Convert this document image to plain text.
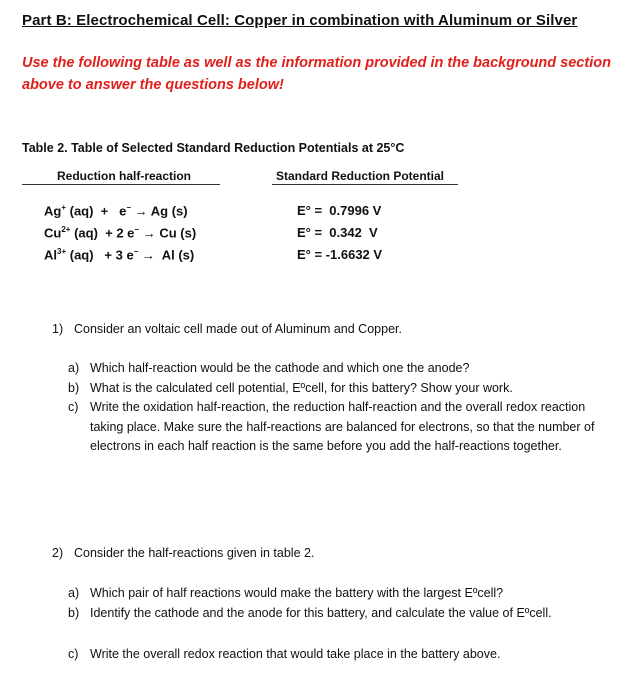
Part B: Electrochemical Cell: Copper in combination with Aluminum or Silver
Use the following table as well as the information provided in the background section above to answer the questions below!
Table 2. Table of Selected Standard Reduction Potentials at 25°C
Reduction half-reaction	Standard Reduction Potential
Ag+ (aq)  +   e− → Ag (s)	E° =  0.7996 V
$Cu^{2+}$ (aq)  + 2 e− → Cu (s)	E° =  0.342  V
$Al^{3+}$ (aq)   + 3 e− →  Al (s)	E° = -1.6632 V
1) Consider an voltaic cell made out of Aluminum and Copper.
a) Which half-reaction would be the cathode and which one the anode?
b) What is the calculated cell potential, Eºcell, for this battery? Show your work.
c) Write the oxidation half-reaction, the reduction half-reaction and the overall redox reaction taking place. Make sure the half-reactions are balanced for electrons, so that the number of electrons in each half reaction is the same before you add the half-reactions together.
2) Consider the half-reactions given in table 2.
a) Which pair of half reactions would make the battery with the largest Eºcell?
b) Identify the cathode and the anode for this battery, and calculate the value of Eºcell.
c) Write the overall redox reaction that would take place in the battery above.
